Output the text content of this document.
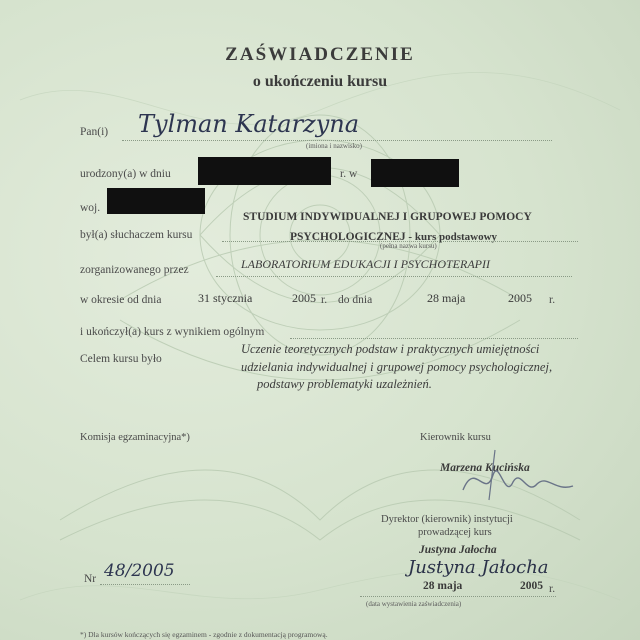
ZAŚWIADCZENIE
o ukończeniu kursu
Pan(i) Tylman Katarzyna
(imiona i nazwisko)
urodzony(a) w dniu	r. w
woj.
był(a) słuchaczem kursu
STUDIUM INDYWIDUALNEJ I GRUPOWEJ POMOCY
PSYCHOLOGICZNEJ - kurs podstawowy
(pełna nazwa kursu)
zorganizowanego przez	LABORATORIUM EDUKACJI I PSYCHOTERAPII
w okresie od dnia	31 stycznia	2005 r. do dnia	28 maja	2005 r.
i ukończył(a) kurs z wynikiem ogólnym
Celem kursu było
Uczenie teoretycznych podstaw i praktycznych umiejętności
udzielania indywidualnej i grupowej pomocy psychologicznej,
podstawy problematyki uzależnień.
Komisja egzaminacyjna*)	Kierownik kursu
Marzena Kucińska
Dyrektor (kierownik) instytucji
prowadzącej kurs
Justyna Jałocha
Justyna Jałocha
Nr 48/2005
28 maja	2005 r.
(data wystawienia zaświadczenia)
*) Dla kursów kończących się egzaminem - zgodnie z dokumentacją programową.
